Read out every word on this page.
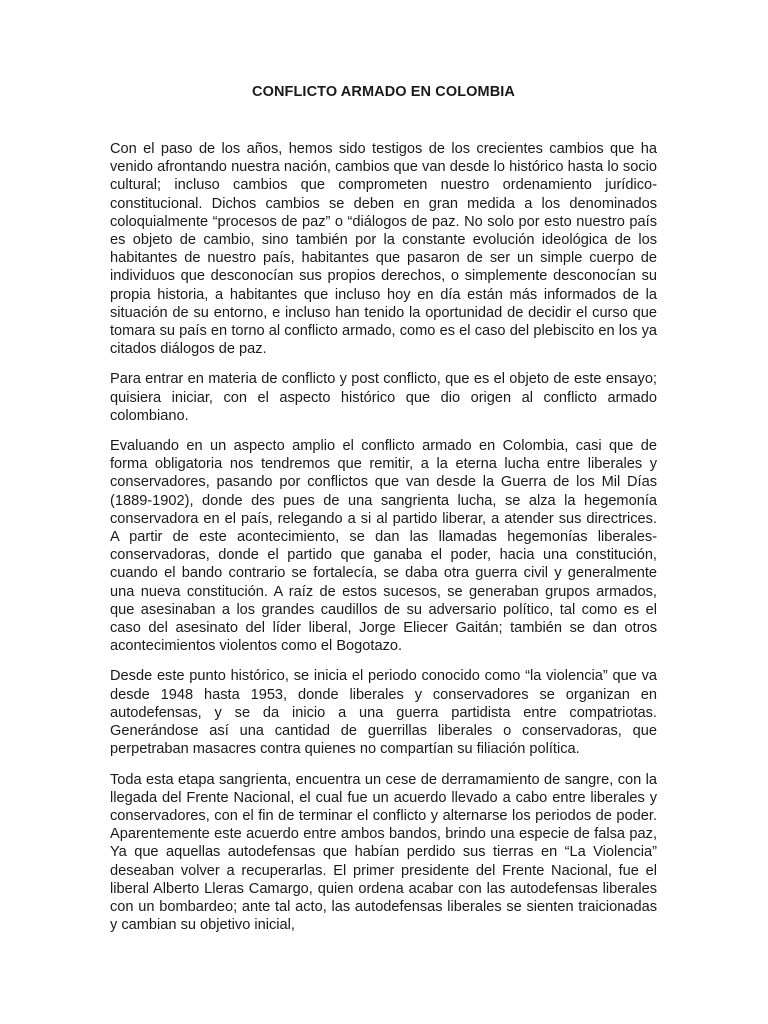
CONFLICTO ARMADO EN COLOMBIA

Con el paso de los años, hemos sido testigos de los crecientes cambios que ha venido afrontando nuestra nación, cambios que van desde lo histórico hasta lo socio cultural; incluso cambios que comprometen nuestro ordenamiento jurídico-constitucional. Dichos cambios se deben en gran medida a los denominados coloquialmente “procesos de paz” o “diálogos de paz. No solo por esto nuestro país es objeto de cambio, sino también por la constante evolución ideológica de los habitantes de nuestro país, habitantes que pasaron de ser un simple cuerpo de individuos que desconocían sus propios derechos, o simplemente desconocían su propia historia, a habitantes que incluso hoy en día están más informados de la situación de su entorno, e incluso han tenido la oportunidad de decidir el curso que tomara su país en torno al conflicto armado, como es el caso del plebiscito en los ya citados diálogos de paz.

Para entrar en materia de conflicto y post conflicto, que es el objeto de este ensayo; quisiera iniciar, con el aspecto histórico que dio origen al conflicto armado colombiano.

Evaluando en un aspecto amplio el conflicto armado en Colombia, casi que de forma obligatoria nos tendremos que remitir, a la eterna lucha entre liberales y conservadores, pasando por conflictos que van desde la Guerra de los Mil Días (1889-1902), donde des pues de una sangrienta lucha, se alza la hegemonía conservadora en el país, relegando a si al partido liberar, a atender sus directrices. A partir de este acontecimiento, se dan las llamadas hegemonías liberales-conservadoras, donde el partido que ganaba el poder, hacia una constitución, cuando el bando contrario se fortalecía, se daba otra guerra civil y generalmente una nueva constitución. A raíz de estos sucesos, se generaban grupos armados, que asesinaban a los grandes caudillos de su adversario político, tal como es el caso del asesinato del líder liberal, Jorge Eliecer Gaitán; también se dan otros acontecimientos violentos como el Bogotazo.

Desde este punto histórico, se inicia el periodo conocido como “la violencia” que va desde 1948 hasta 1953, donde liberales y conservadores se organizan en autodefensas, y se da inicio a una guerra partidista entre compatriotas. Generándose así una cantidad de guerrillas liberales o conservadoras, que perpetraban masacres contra quienes no compartían su filiación política.

Toda esta etapa sangrienta, encuentra un cese de derramamiento de sangre, con la llegada del Frente Nacional, el cual fue un acuerdo llevado a cabo entre liberales y conservadores, con el fin de terminar el conflicto y alternarse los periodos de poder. Aparentemente este acuerdo entre ambos bandos, brindo una especie de falsa paz, Ya que aquellas autodefensas que habían perdido sus tierras en “La Violencia” deseaban volver a recuperarlas. El primer presidente del Frente Nacional, fue el liberal Alberto Lleras Camargo, quien ordena acabar con las autodefensas liberales con un bombardeo; ante tal acto, las autodefensas liberales se sienten traicionadas y cambian su objetivo inicial,
